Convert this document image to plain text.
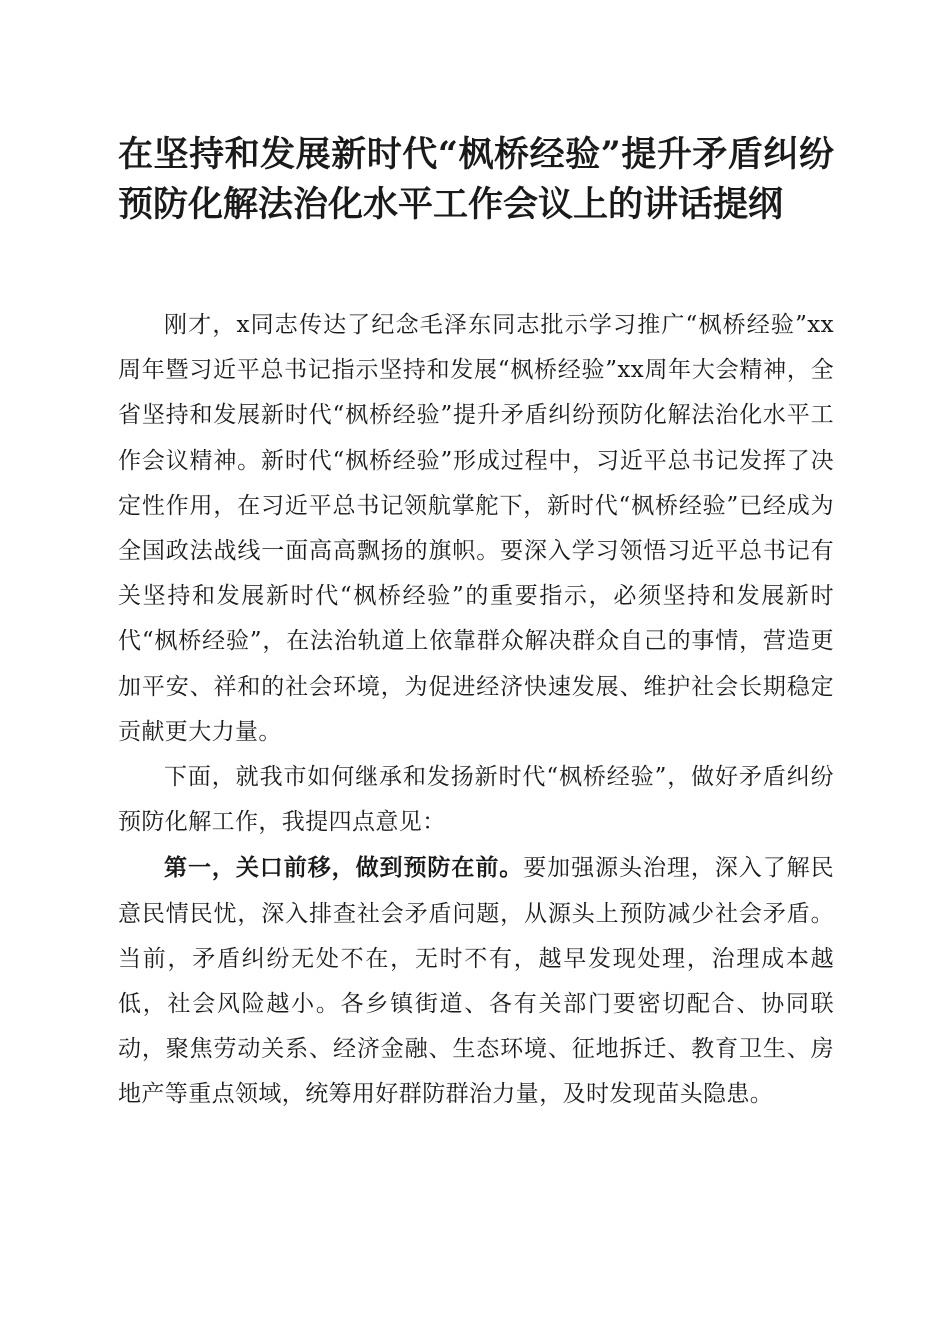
在坚持和发展新时代“枫桥经验”提升矛盾纠纷预防化解法治化水平工作会议上的讲话提纲

刚才，x同志传达了纪念毛泽东同志批示学习推广“枫桥经验”xx周年暨习近平总书记指示坚持和发展“枫桥经验”xx周年大会精神，全省坚持和发展新时代“枫桥经验”提升矛盾纠纷预防化解法治化水平工作会议精神。新时代“枫桥经验”形成过程中，习近平总书记发挥了决定性作用，在习近平总书记领航掌舵下，新时代“枫桥经验”已经成为全国政法战线一面高高飘扬的旗帜。要深入学习领悟习近平总书记有关坚持和发展新时代“枫桥经验”的重要指示，必须坚持和发展新时代“枫桥经验”，在法治轨道上依靠群众解决群众自己的事情，营造更加平安、祥和的社会环境，为促进经济快速发展、维护社会长期稳定贡献更大力量。

下面，就我市如何继承和发扬新时代“枫桥经验”，做好矛盾纠纷预防化解工作，我提四点意见：

第一，关口前移，做到预防在前。要加强源头治理，深入了解民意民情民忧，深入排查社会矛盾问题，从源头上预防减少社会矛盾。当前，矛盾纠纷无处不在，无时不有，越早发现处理，治理成本越低，社会风险越小。各乡镇街道、各有关部门要密切配合、协同联动，聚焦劳动关系、经济金融、生态环境、征地拆迁、教育卫生、房地产等重点领域，统筹用好群防群治力量，及时发现苗头隐患。
